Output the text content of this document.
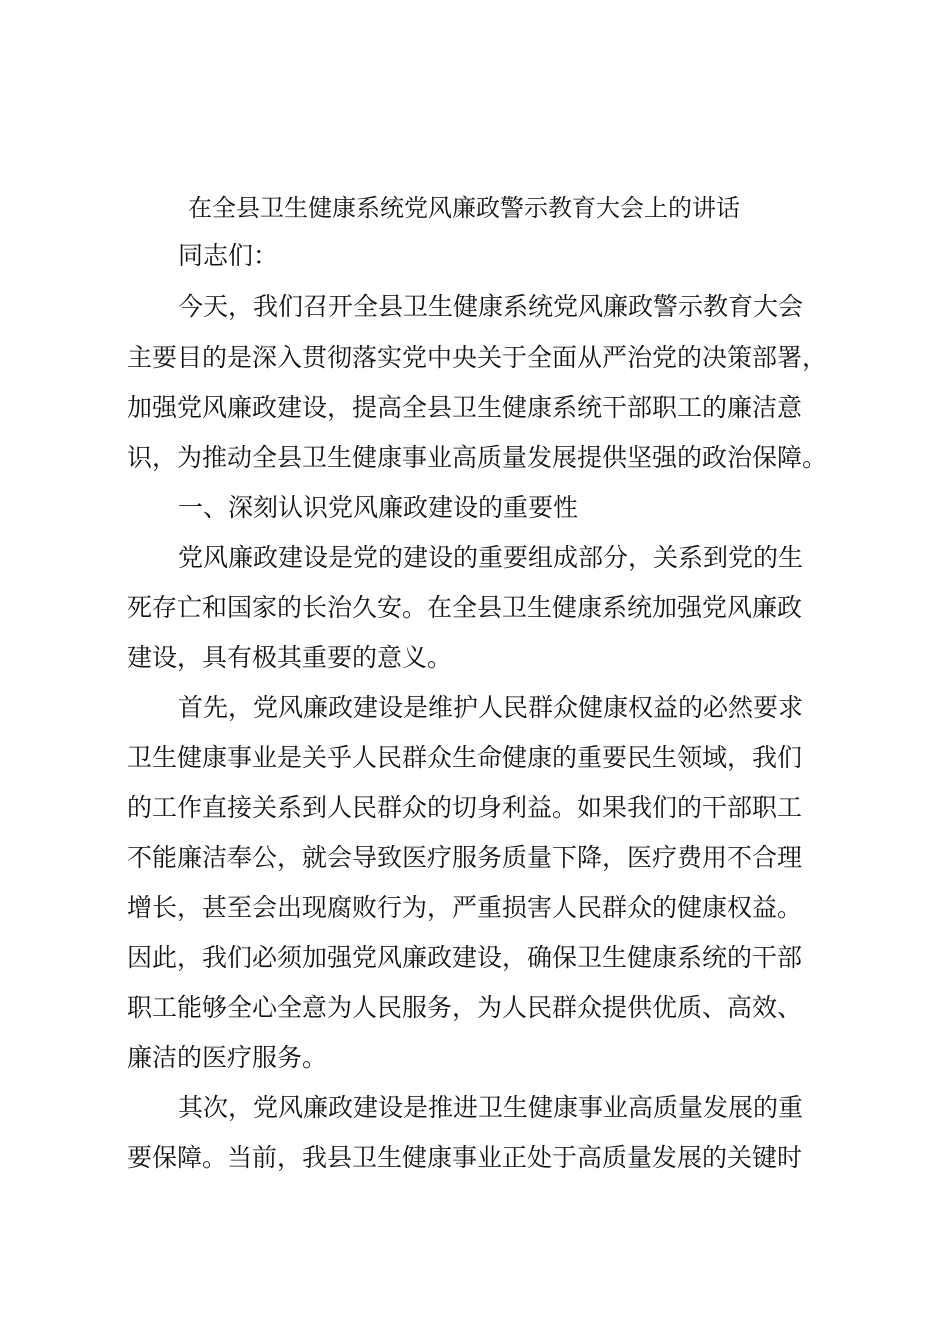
在全县卫生健康系统党风廉政警示教育大会上的讲话
同志们：
今天，我们召开全县卫生健康系统党风廉政警示教育大会
主要目的是深入贯彻落实党中央关于全面从严治党的决策部署，
加强党风廉政建设，提高全县卫生健康系统干部职工的廉洁意
识，为推动全县卫生健康事业高质量发展提供坚强的政治保障。
一、深刻认识党风廉政建设的重要性
党风廉政建设是党的建设的重要组成部分，关系到党的生
死存亡和国家的长治久安。在全县卫生健康系统加强党风廉政
建设，具有极其重要的意义。
首先，党风廉政建设是维护人民群众健康权益的必然要求
卫生健康事业是关乎人民群众生命健康的重要民生领域，我们
的工作直接关系到人民群众的切身利益。如果我们的干部职工
不能廉洁奉公，就会导致医疗服务质量下降，医疗费用不合理
增长，甚至会出现腐败行为，严重损害人民群众的健康权益。
因此，我们必须加强党风廉政建设，确保卫生健康系统的干部
职工能够全心全意为人民服务，为人民群众提供优质、高效、
廉洁的医疗服务。
其次，党风廉政建设是推进卫生健康事业高质量发展的重
要保障。当前，我县卫生健康事业正处于高质量发展的关键时
